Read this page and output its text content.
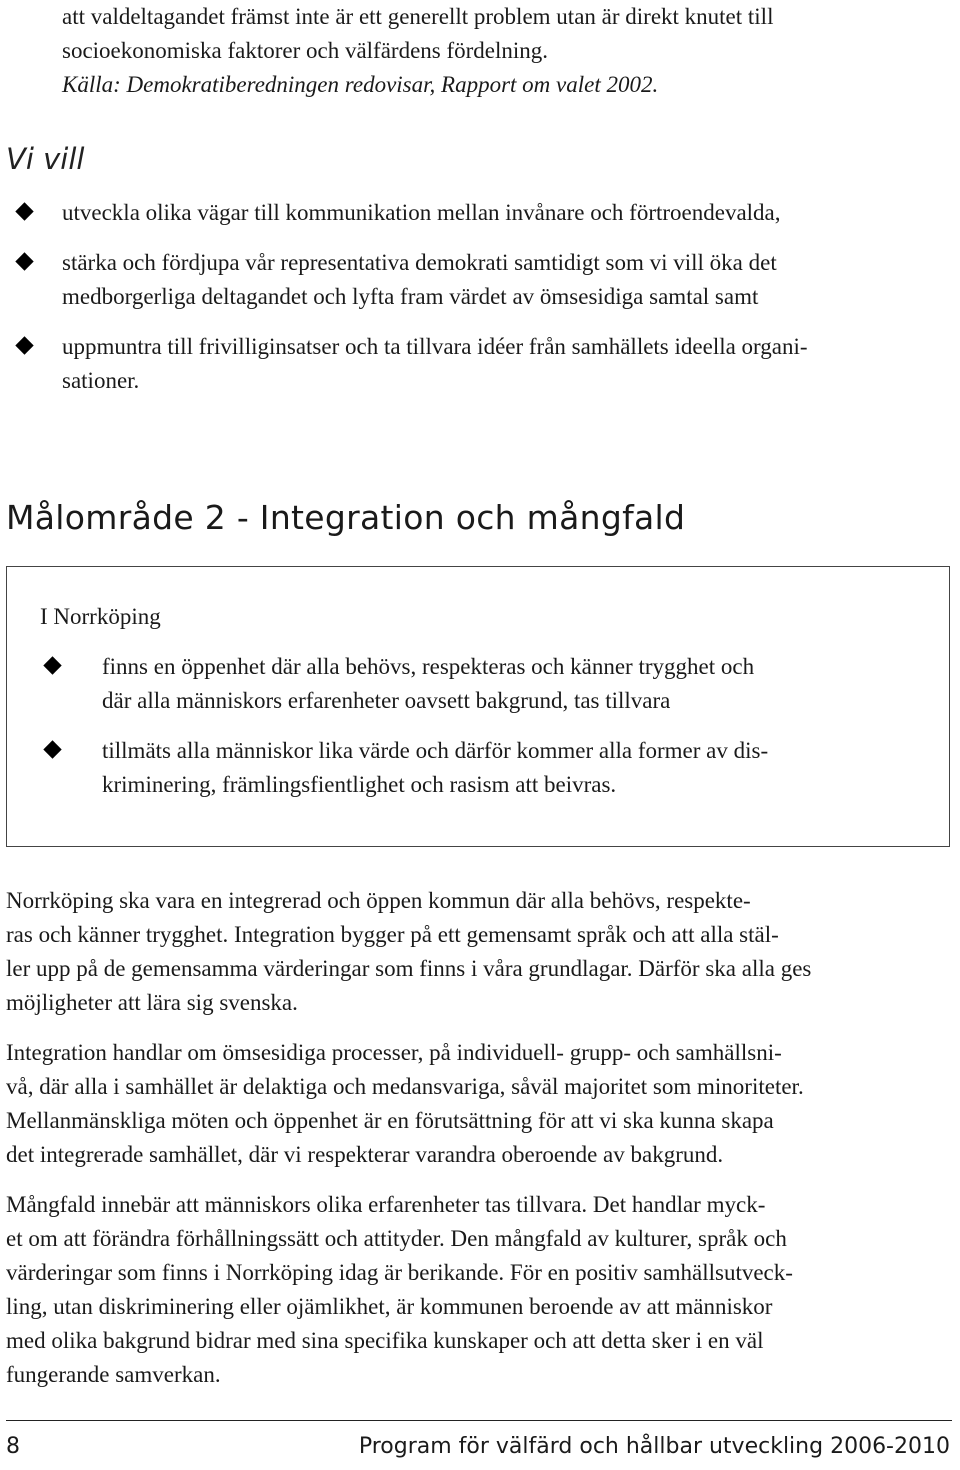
att valdeltagandet främst inte är ett generellt problem utan är direkt knutet till
socioekonomiska faktorer och välfärdens fördelning.
Källa: Demokratiberedningen redovisar, Rapport om valet 2002.
Vi vill
utveckla olika vägar till kommunikation mellan invånare och förtroendevalda,
stärka och fördjupa vår representativa demokrati samtidigt som vi vill öka det
medborgerliga deltagandet och lyfta fram värdet av ömsesidiga samtal samt
uppmuntra till frivilliginsatser och ta tillvara idéer från samhällets ideella organi-
sationer.
Målområde 2 - Integration och mångfald
I Norrköping
finns en öppenhet där alla behövs, respekteras och känner trygghet och
där alla människors erfarenheter oavsett bakgrund, tas tillvara
tillmäts alla människor lika värde och därför kommer alla former av dis-
kriminering, främlingsfientlighet och rasism att beivras.

Norrköping ska vara en integrerad och öppen kommun där alla behövs, respekte-
ras och känner trygghet. Integration bygger på ett gemensamt språk och att alla stäl-
ler upp på de gemensamma värderingar som finns i våra grundlagar. Därför ska alla ges
möjligheter att lära sig svenska.

Integration handlar om ömsesidiga processer, på individuell- grupp- och samhällsni-
vå, där alla i samhället är delaktiga och medansvariga, såväl majoritet som minoriteter.
Mellanmänskliga möten och öppenhet är en förutsättning för att vi ska kunna skapa
det integrerade samhället, där vi respekterar varandra oberoende av bakgrund.

Mångfald innebär att människors olika erfarenheter tas tillvara. Det handlar myck-
et om att förändra förhållningssätt och attityder. Den mångfald av kulturer, språk och
värderingar som finns i Norrköping idag är berikande. För en positiv samhällsutveck-
ling, utan diskriminering eller ojämlikhet, är kommunen beroende av att människor
med olika bakgrund bidrar med sina specifika kunskaper och att detta sker i en väl
fungerande samverkan.

8	Program för välfärd och hållbar utveckling 2006-2010
